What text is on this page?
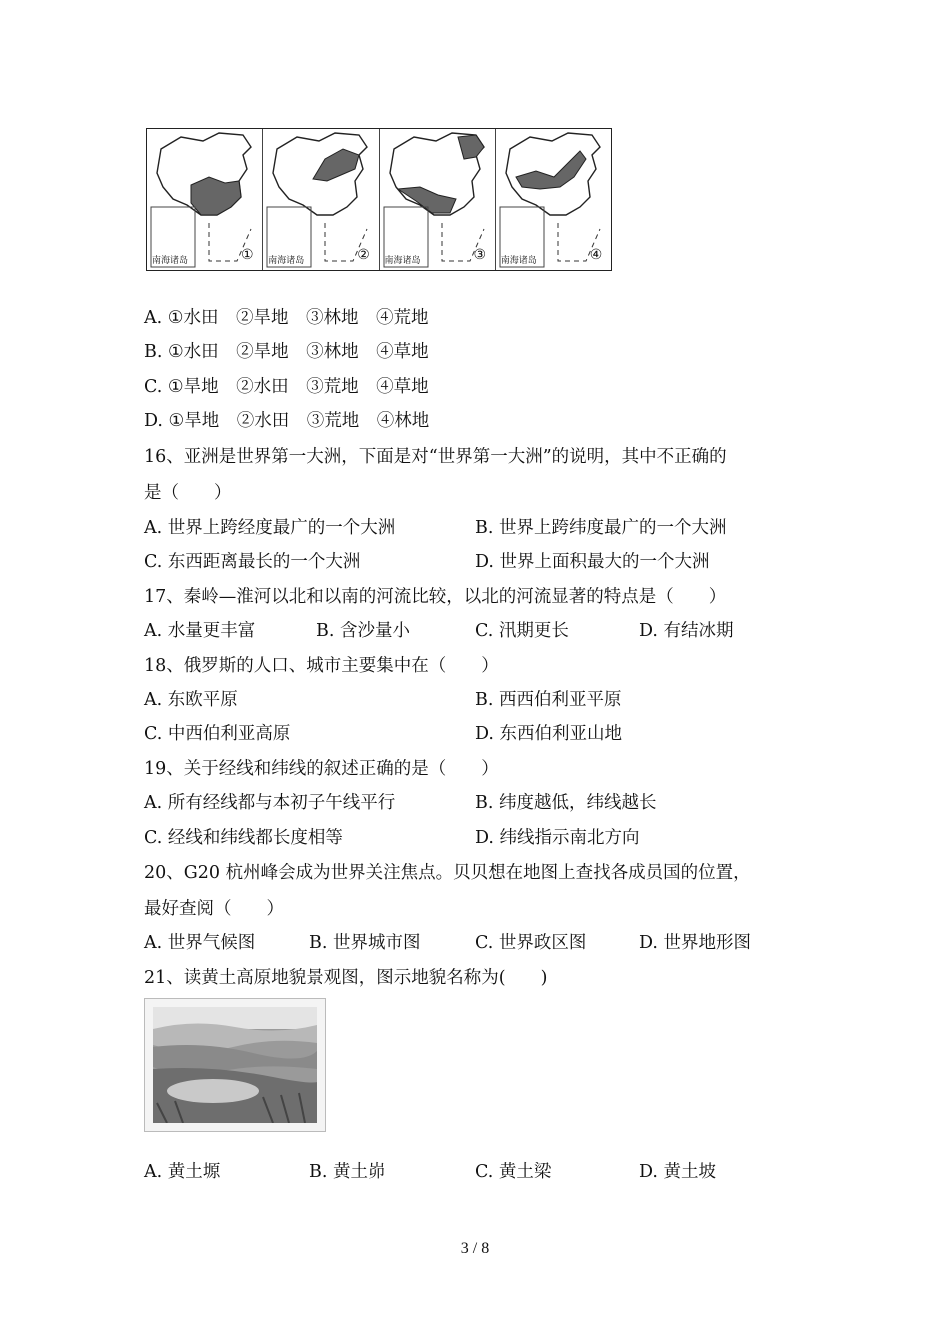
南海诸岛	① 南海诸岛	② 南海诸岛	③ 南海诸岛	④
A. ①水田　②旱地　③林地　④荒地
B. ①水田　②旱地　③林地　④草地
C. ①旱地　②水田　③荒地　④草地
D. ①旱地　②水田　③荒地　④林地
16、亚洲是世界第一大洲，下面是对“世界第一大洲”的说明，其中不正确的
是（　　）
A. 世界上跨经度最广的一个大洲	B. 世界上跨纬度最广的一个大洲
C. 东西距离最长的一个大洲	D. 世界上面积最大的一个大洲
17、秦岭—淮河以北和以南的河流比较，以北的河流显著的特点是（　　）
A. 水量更丰富	B. 含沙量小	C. 汛期更长	D. 有结冰期
18、俄罗斯的人口、城市主要集中在（　　）
A. 东欧平原	B. 西西伯利亚平原
C. 中西伯利亚高原	D. 东西伯利亚山地
19、关于经线和纬线的叙述正确的是（　　）
A. 所有经线都与本初子午线平行	B. 纬度越低，纬线越长
C. 经线和纬线都长度相等	D. 纬线指示南北方向
20、G20 杭州峰会成为世界关注焦点。贝贝想在地图上查找各成员国的位置，
最好查阅（　　）
A. 世界气候图	B. 世界城市图	C. 世界政区图	D. 世界地形图
21、读黄土高原地貌景观图，图示地貌名称为(　　)
A. 黄土塬	B. 黄土峁	C. 黄土梁	D. 黄土坡
3 / 8
